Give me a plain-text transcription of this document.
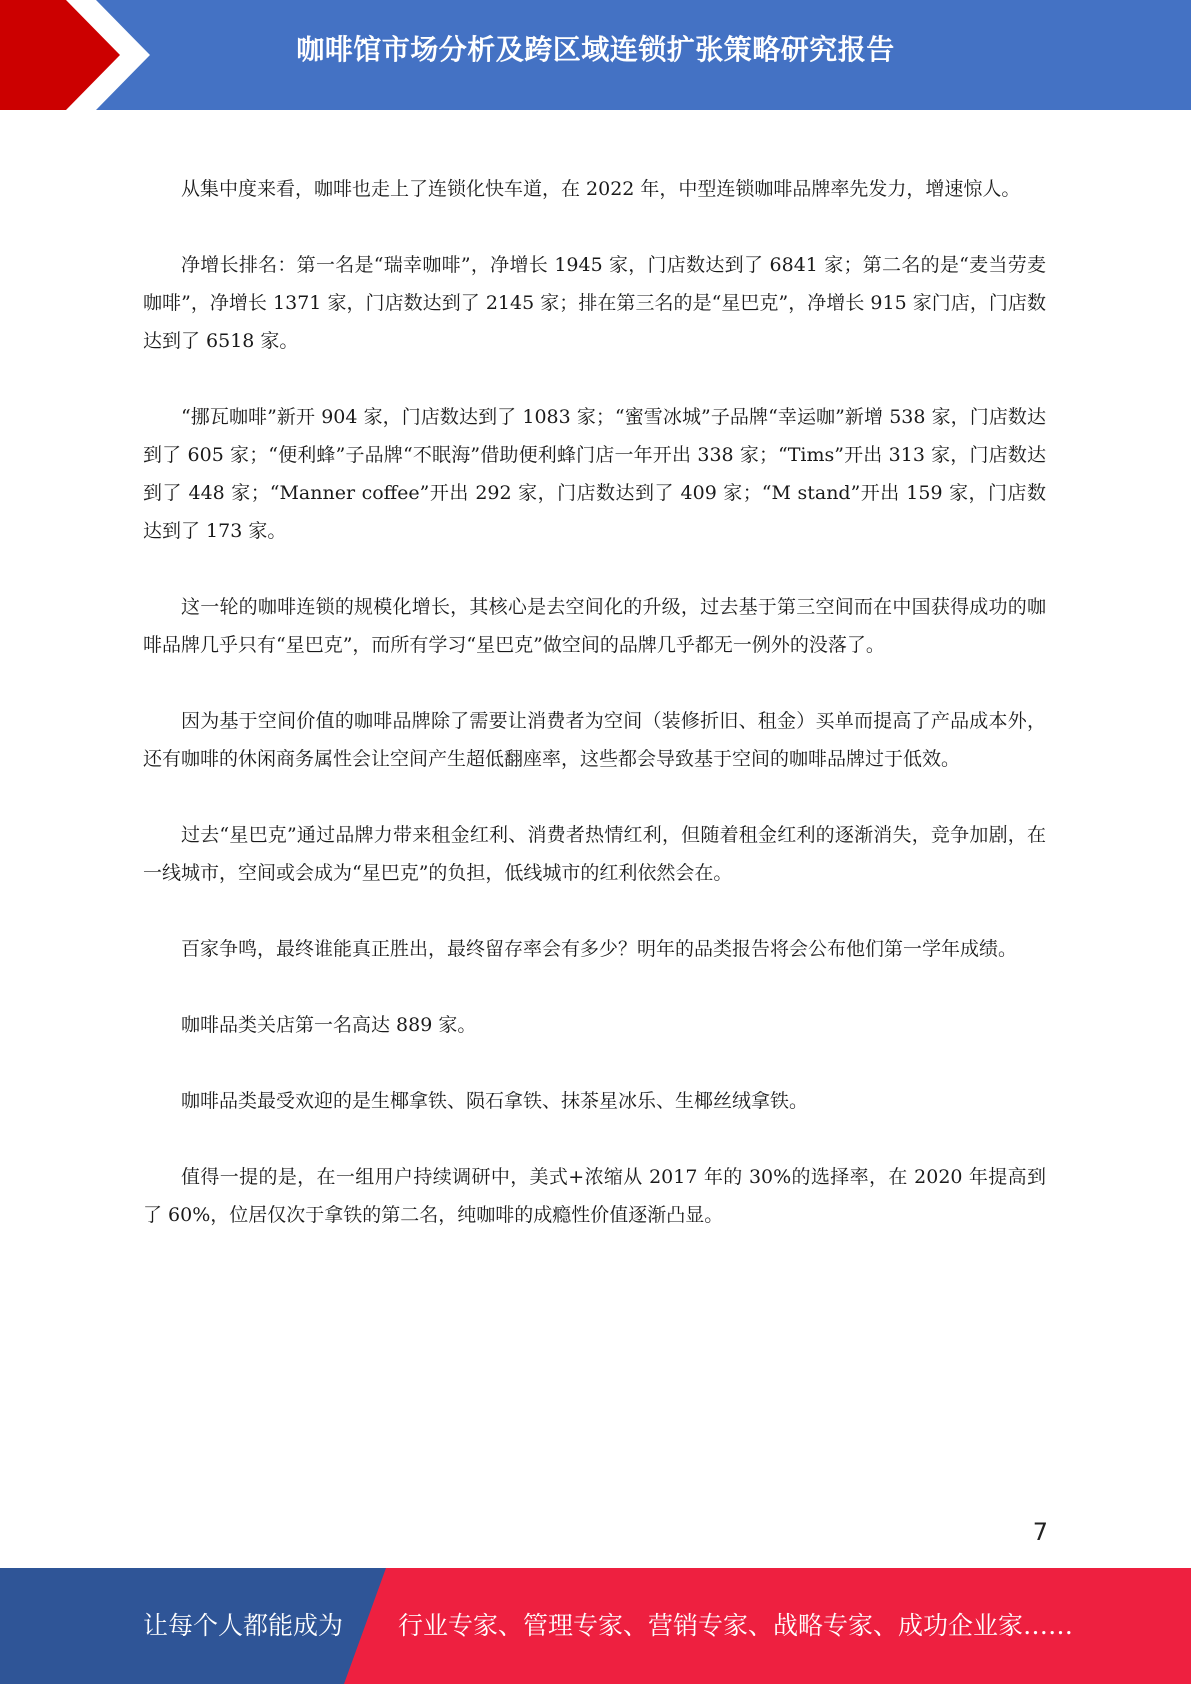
咖啡馆市场分析及跨区域连锁扩张策略研究报告

从集中度来看，咖啡也走上了连锁化快车道，在 2022 年，中型连锁咖啡品牌率先发力，增速惊人。

净增长排名：第一名是“瑞幸咖啡”，净增长 1945 家，门店数达到了 6841 家；第二名的是“麦当劳麦咖啡”，净增长 1371 家，门店数达到了 2145 家；排在第三名的是“星巴克”，净增长 915 家门店，门店数达到了 6518 家。

“挪瓦咖啡”新开 904 家，门店数达到了 1083 家；“蜜雪冰城”子品牌“幸运咖”新增 538 家，门店数达到了 605 家；“便利蜂”子品牌“不眠海”借助便利蜂门店一年开出 338 家；“Tims”开出 313 家，门店数达到了 448 家；“Manner coffee”开出 292 家，门店数达到了 409 家；“M stand”开出 159 家，门店数达到了 173 家。

这一轮的咖啡连锁的规模化增长，其核心是去空间化的升级，过去基于第三空间而在中国获得成功的咖啡品牌几乎只有“星巴克”，而所有学习“星巴克”做空间的品牌几乎都无一例外的没落了。

因为基于空间价值的咖啡品牌除了需要让消费者为空间（装修折旧、租金）买单而提高了产品成本外，还有咖啡的休闲商务属性会让空间产生超低翻座率，这些都会导致基于空间的咖啡品牌过于低效。

过去“星巴克”通过品牌力带来租金红利、消费者热情红利，但随着租金红利的逐渐消失，竞争加剧，在一线城市，空间或会成为“星巴克”的负担，低线城市的红利依然会在。

百家争鸣，最终谁能真正胜出，最终留存率会有多少？明年的品类报告将会公布他们第一学年成绩。

咖啡品类关店第一名高达 889 家。

咖啡品类最受欢迎的是生椰拿铁、陨石拿铁、抹茶星冰乐、生椰丝绒拿铁。

值得一提的是，在一组用户持续调研中，美式+浓缩从 2017 年的 30%的选择率，在 2020 年提高到了 60%，位居仅次于拿铁的第二名，纯咖啡的成瘾性价值逐渐凸显。

7
让每个人都能成为 行业专家、管理专家、营销专家、战略专家、成功企业家……
